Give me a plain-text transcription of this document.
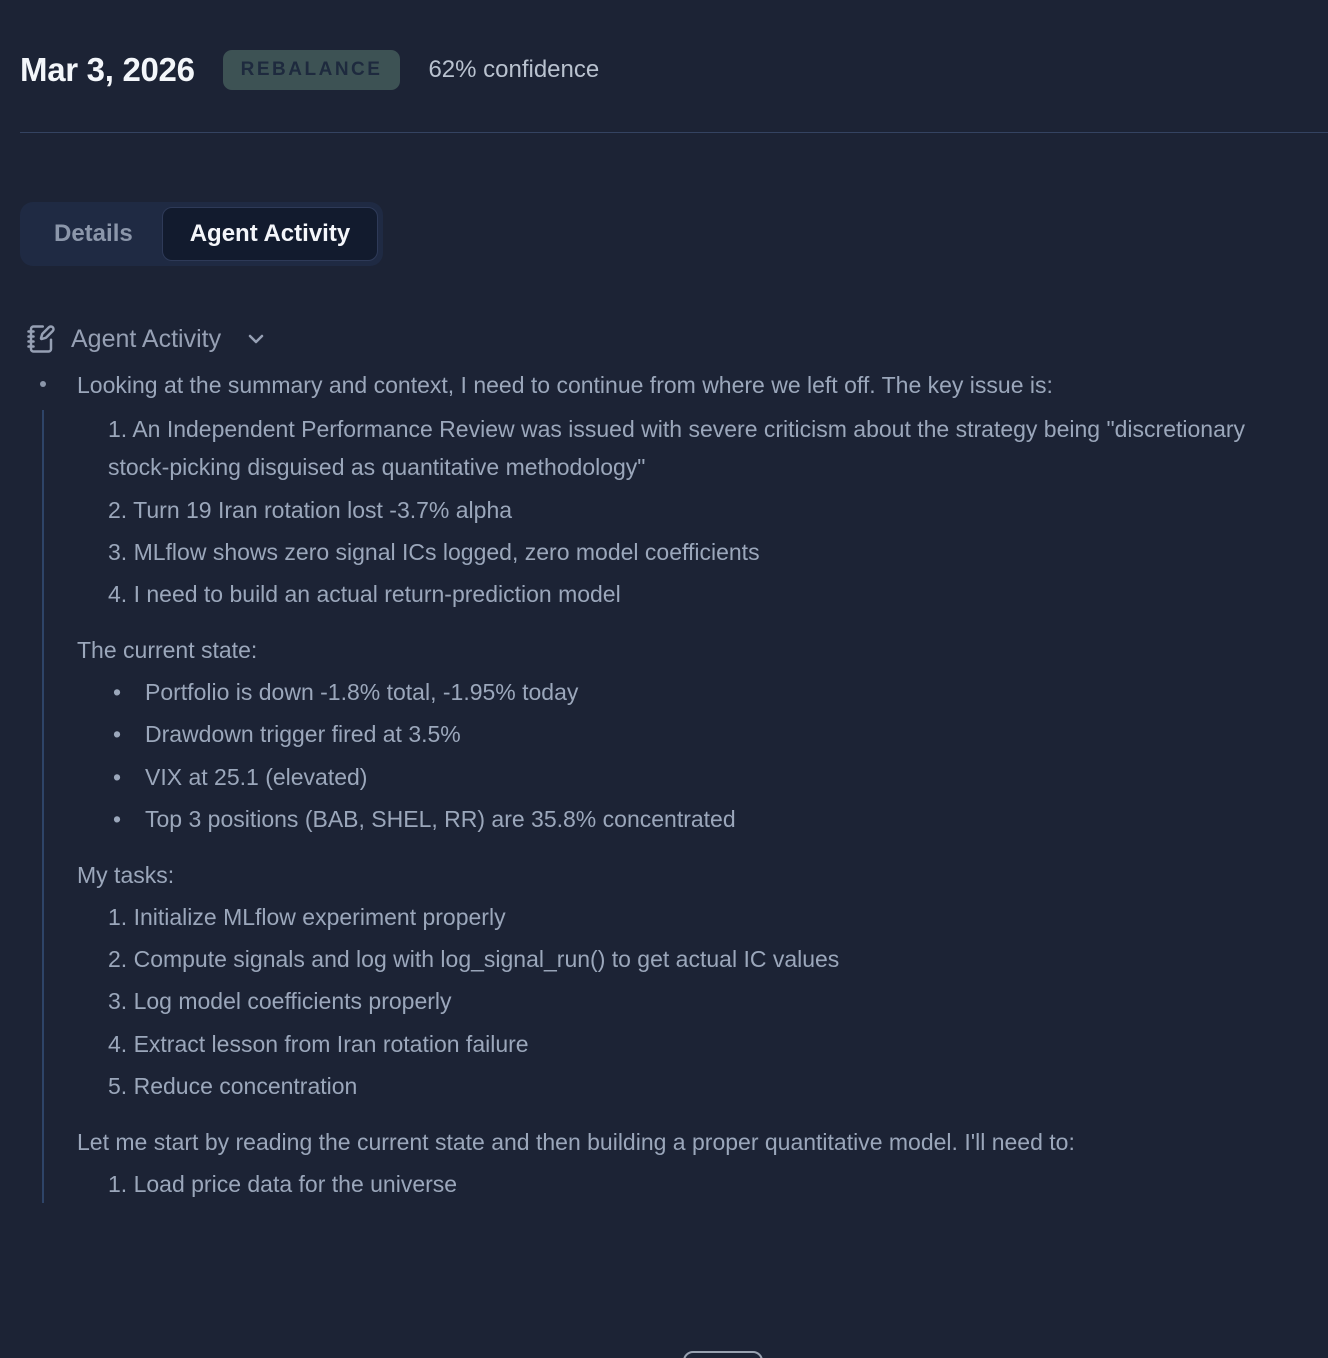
Mar 3, 2026	REBALANCE	62% confidence
Details	Agent Activity
Agent Activity
Looking at the summary and context, I need to continue from where we left off. The key issue is:
An Independent Performance Review was issued with severe criticism about the strategy being "discretionary stock-picking disguised as quantitative methodology"
Turn 19 Iran rotation lost -3.7% alpha
MLflow shows zero signal ICs logged, zero model coefficients
I need to build an actual return-prediction model

The current state:

• Portfolio is down -1.8% total, -1.95% today
• Drawdown trigger fired at 3.5%
• VIX at 25.1 (elevated)
• Top 3 positions (BAB, SHEL, RR) are 35.8% concentrated

My tasks:

Initialize MLflow experiment properly
Compute signals and log with log_signal_run() to get actual IC values
Log model coefficients properly
Extract lesson from Iran rotation failure
Reduce concentration

Let me start by reading the current state and then building a proper quantitative model. I'll need to:

Load price data for the universe
